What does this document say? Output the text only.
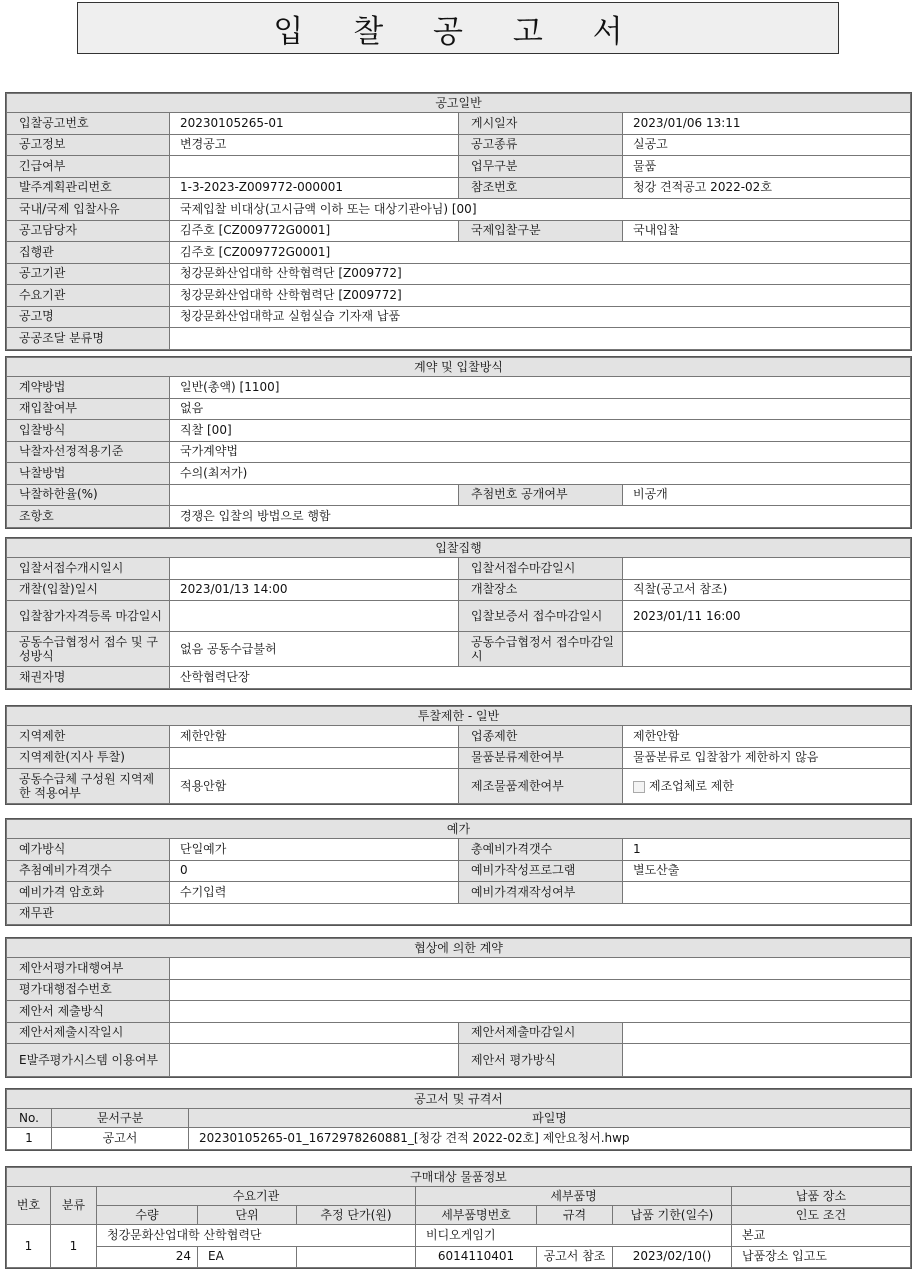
입 찰 공 고 서
공고일반			
입찰공고번호	20230105265-01	게시일자	2023/01/06 13:11
공고정보	변경공고	공고종류	실공고
긴급여부		업무구분	물품
발주계획관리번호	1-3-2023-Z009772-000001	참조번호	청강 견적공고 2022-02호
국내/국제 입찰사유	국제입찰 비대상(고시금액 이하 또는 대상기관아님) [00]		
공고담당자	김주호 [CZ009772G0001]	국제입찰구분	국내입찰
집행관	김주호 [CZ009772G0001]		
공고기관	청강문화산업대학 산학협력단 [Z009772]		
수요기관	청강문화산업대학 산학협력단 [Z009772]		
공고명	청강문화산업대학교 실험실습 기자재 납품		
공공조달 분류명			
계약 및 입찰방식			
계약방법	일반(총액) [1100]		
재입찰여부	없음		
입찰방식	직찰 [00]		
낙찰자선정적용기준	국가계약법		
낙찰방법	수의(최저가)		
낙찰하한율(%)		추첨번호 공개여부	비공개
조항호	경쟁은 입찰의 방법으로 행함		
입찰집행			
입찰서접수개시일시		입찰서접수마감일시	
개찰(입찰)일시	2023/01/13 14:00	개찰장소	직찰(공고서 참조)
입찰참가자격등록 마감일시		입찰보증서 접수마감일시	2023/01/11 16:00
공동수급협정서 접수 및 구성방식	없음 공동수급불허	공동수급협정서 접수마감일시	
채권자명	산학협력단장		
투찰제한 - 일반			
지역제한	제한안함	업종제한	제한안함
지역제한(지사 투찰)		물품분류제한여부	물품분류로 입찰참가 제한하지 않음
공동수급체 구성원 지역제한 적용여부	적용안함	제조물품제한여부	제조업체로 제한
예가			
예가방식	단일예가	총예비가격갯수	1
추첨예비가격갯수	0	예비가작성프로그램	별도산출
예비가격 암호화	수기입력	예비가격재작성여부	
재무관			
협상에 의한 계약			
제안서평가대행여부			
평가대행접수번호			
제안서 제출방식			
제안서제출시작일시		제안서제출마감일시	
E발주평가시스템 이용여부		제안서 평가방식	
공고서 및 규격서		
No.	문서구분	파일명
1	공고서	20230105265-01_1672978260881_[청강 견적 2022-02호] 제안요청서.hwp
구매대상 물품정보								
번호	분류	수요기관			세부품명			납품 장소
		수량	단위	추정 단가(원)	세부품명번호	규격	납품 기한(일수)	인도 조건
1	1	청강문화산업대학 산학협력단			비디오게임기			본교
		24	EA		6014110401	공고서 참조	2023/02/10()	납품장소 입고도
